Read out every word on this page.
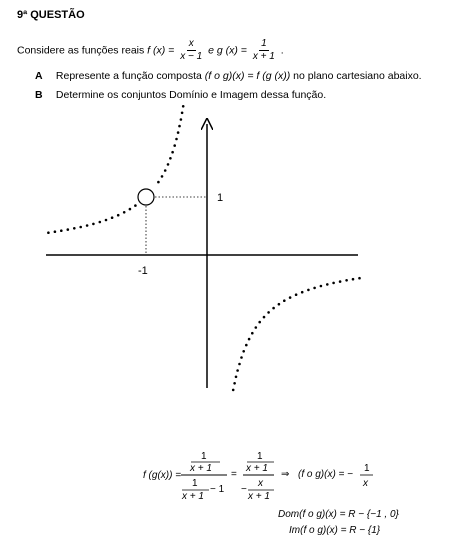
9ª QUESTÃO
Considere as funções reais f $(x) = \frac{x}{x - 1}$ e g $(x) = \frac{1}{x + 1}$ .
A Represente a função composta (f o g)(x) = f (g (x)) no plano cartesiano abaixo.
B Determine os conjuntos Domínio e Imagem dessa função.
1
-1
f (g(x)) =
1
x + 1
1
x + 1
− 1
=
1
x + 1
−
x
x + 1
⇒ (f o g)(x) = −
1
x
Dom(f o g)(x) = R − {−1 , 0}
Im(f o g)(x) = R − {1}
